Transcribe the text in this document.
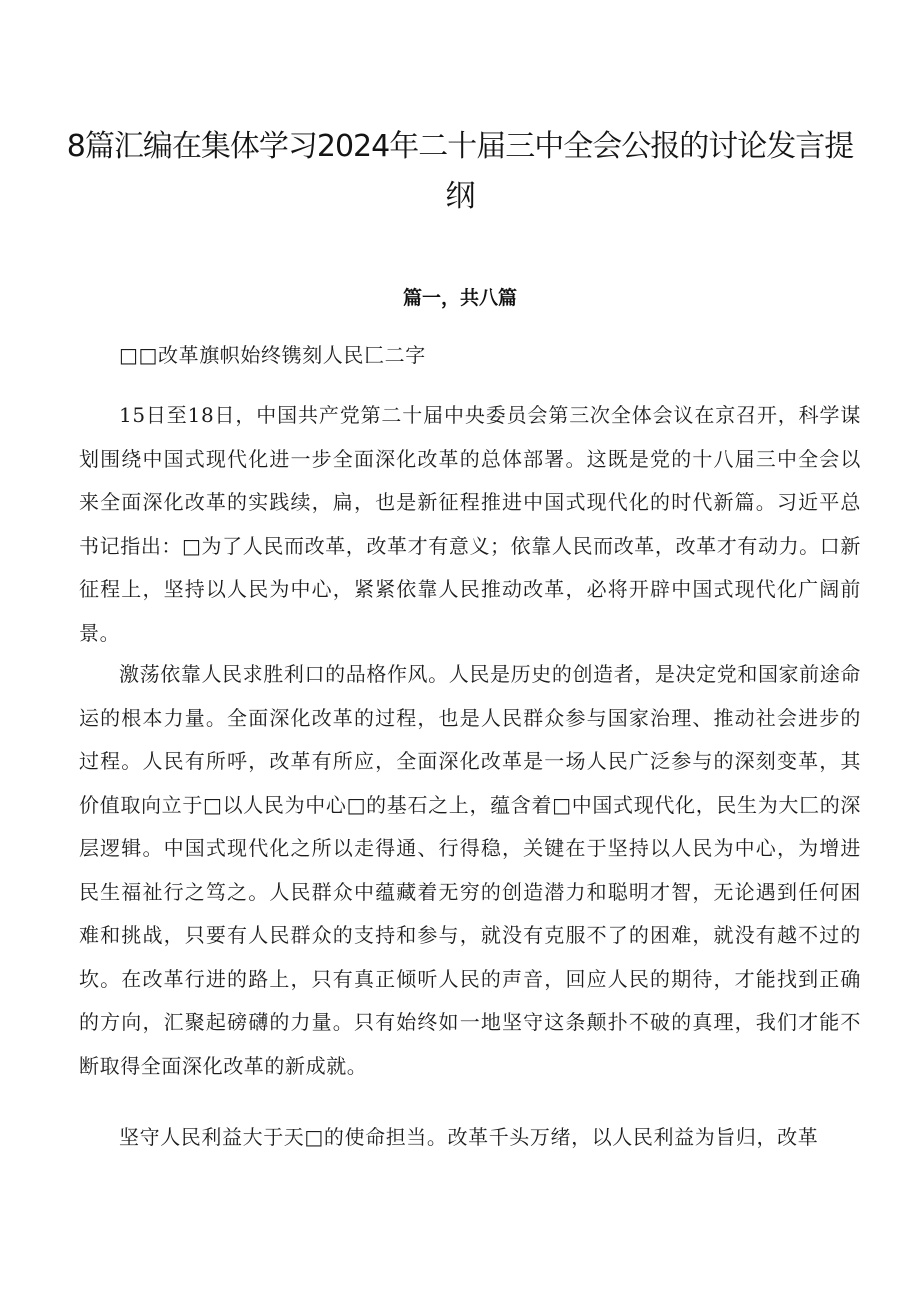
8篇汇编在集体学习2024年二十届三中全会公报的讨论发言提纲
篇一，共八篇

□□改革旗帜始终镌刻人民匚二字

15日至18日，中国共产党第二十届中央委员会第三次全体会议在京召开，科学谋划围绕中国式现代化进一步全面深化改革的总体部署。这既是党的十八届三中全会以来全面深化改革的实践续，扁，也是新征程推进中国式现代化的时代新篇。习近平总书记指出：□为了人民而改革，改革才有意义；依靠人民而改革，改革才有动力。口新征程上，坚持以人民为中心，紧紧依靠人民推动改革，必将开辟中国式现代化广阔前景。

激荡依靠人民求胜利口的品格作风。人民是历史的创造者，是决定党和国家前途命运的根本力量。全面深化改革的过程，也是人民群众参与国家治理、推动社会进步的过程。人民有所呼，改革有所应，全面深化改革是一场人民广泛参与的深刻变革，其价值取向立于□以人民为中心□的基石之上，蕴含着□中国式现代化，民生为大匚的深层逻辑。中国式现代化之所以走得通、行得稳，关键在于坚持以人民为中心，为增进民生福祉行之笃之。人民群众中蕴藏着无穷的创造潜力和聪明才智，无论遇到任何困难和挑战，只要有人民群众的支持和参与，就没有克服不了的困难，就没有越不过的坎。在改革行进的路上，只有真正倾听人民的声音，回应人民的期待，才能找到正确的方向，汇聚起磅礴的力量。只有始终如一地坚守这条颠扑不破的真理，我们才能不断取得全面深化改革的新成就。

坚守人民利益大于天□的使命担当。改革千头万绪，以人民利益为旨归，改革
